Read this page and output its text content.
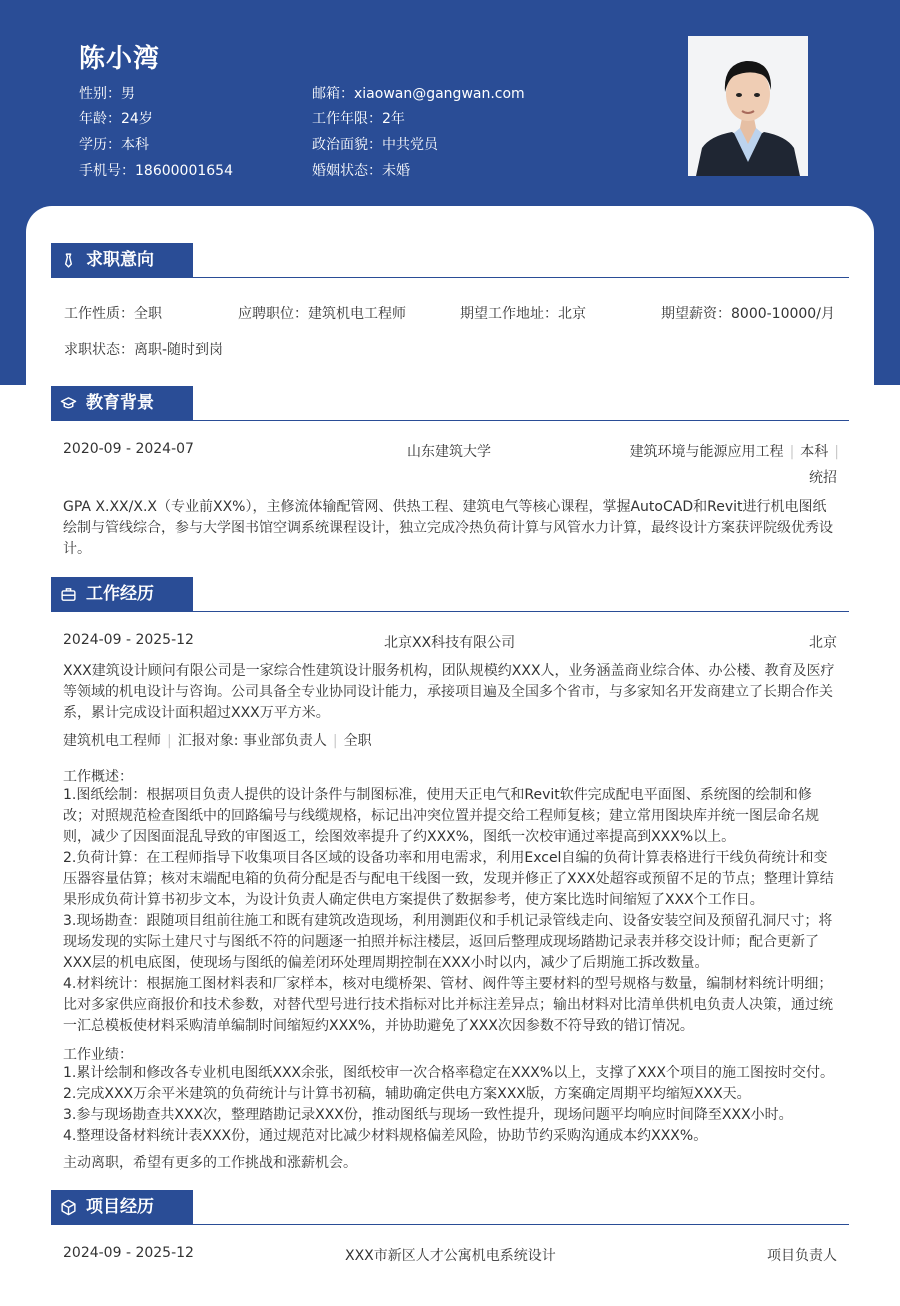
陈小湾
性别：男
年龄：24岁
学历：本科
手机号：18600001654
邮箱：xiaowan@gangwan.com
工作年限：2年
政治面貌：中共党员
婚姻状态：未婚
求职意向
工作性质：全职	应聘职位：建筑机电工程师	期望工作地址：北京	期望薪资：8000-10000/月
求职状态：离职-随时到岗
教育背景
2020-09 - 2024-07	山东建筑大学	建筑环境与能源应用工程 | 本科 |
统招

GPA X.XX/X.X（专业前XX%），主修流体输配管网、供热工程、建筑电气等核心课程，掌握AutoCAD和Revit进行机电图纸绘制与管线综合，参与大学图书馆空调系统课程设计，独立完成冷热负荷计算与风管水力计算，最终设计方案获评院级优秀设计。

工作经历
2024-09 - 2025-12	北京XX科技有限公司	北京

XXX建筑设计顾问有限公司是一家综合性建筑设计服务机构，团队规模约XXX人，业务涵盖商业综合体、办公楼、教育及医疗等领域的机电设计与咨询。公司具备全专业协同设计能力，承接项目遍及全国多个省市，与多家知名开发商建立了长期合作关系，累计完成设计面积超过XXX万平方米。

建筑机电工程师 | 汇报对象: 事业部负责人 | 全职
工作概述：

1.图纸绘制：根据项目负责人提供的设计条件与制图标准，使用天正电气和Revit软件完成配电平面图、系统图的绘制和修改；对照规范检查图纸中的回路编号与线缆规格，标记出冲突位置并提交给工程师复核；建立常用图块库并统一图层命名规则，减少了因图面混乱导致的审图返工，绘图效率提升了约XXX%，图纸一次校审通过率提高到XXX%以上。

2.负荷计算：在工程师指导下收集项目各区域的设备功率和用电需求，利用Excel自编的负荷计算表格进行干线负荷统计和变压器容量估算；核对末端配电箱的负荷分配是否与配电干线图一致，发现并修正了XXX处超容或预留不足的节点；整理计算结果形成负荷计算书初步文本，为设计负责人确定供电方案提供了数据参考，使方案比选时间缩短了XXX个工作日。

3.现场勘查：跟随项目组前往施工和既有建筑改造现场，利用测距仪和手机记录管线走向、设备安装空间及预留孔洞尺寸；将现场发现的实际土建尺寸与图纸不符的问题逐一拍照并标注楼层，返回后整理成现场踏勘记录表并移交设计师；配合更新了XXX层的机电底图，使现场与图纸的偏差闭环处理周期控制在XXX小时以内，减少了后期施工拆改数量。

4.材料统计：根据施工图材料表和厂家样本，核对电缆桥架、管材、阀件等主要材料的型号规格与数量，编制材料统计明细；比对多家供应商报价和技术参数，对替代型号进行技术指标对比并标注差异点；输出材料对比清单供机电负责人决策，通过统一汇总模板使材料采购清单编制时间缩短约XXX%，并协助避免了XXX次因参数不符导致的错订情况。

工作业绩：
1.累计绘制和修改各专业机电图纸XXX余张，图纸校审一次合格率稳定在XXX%以上，支撑了XXX个项目的施工图按时交付。
2.完成XXX万余平米建筑的负荷统计与计算书初稿，辅助确定供电方案XXX版，方案确定周期平均缩短XXX天。
3.参与现场勘查共XXX次，整理踏勘记录XXX份，推动图纸与现场一致性提升，现场问题平均响应时间降至XXX小时。
4.整理设备材料统计表XXX份，通过规范对比减少材料规格偏差风险，协助节约采购沟通成本约XXX%。
主动离职，希望有更多的工作挑战和涨薪机会。
项目经历
2024-09 - 2025-12	XXX市新区人才公寓机电系统设计	项目负责人
